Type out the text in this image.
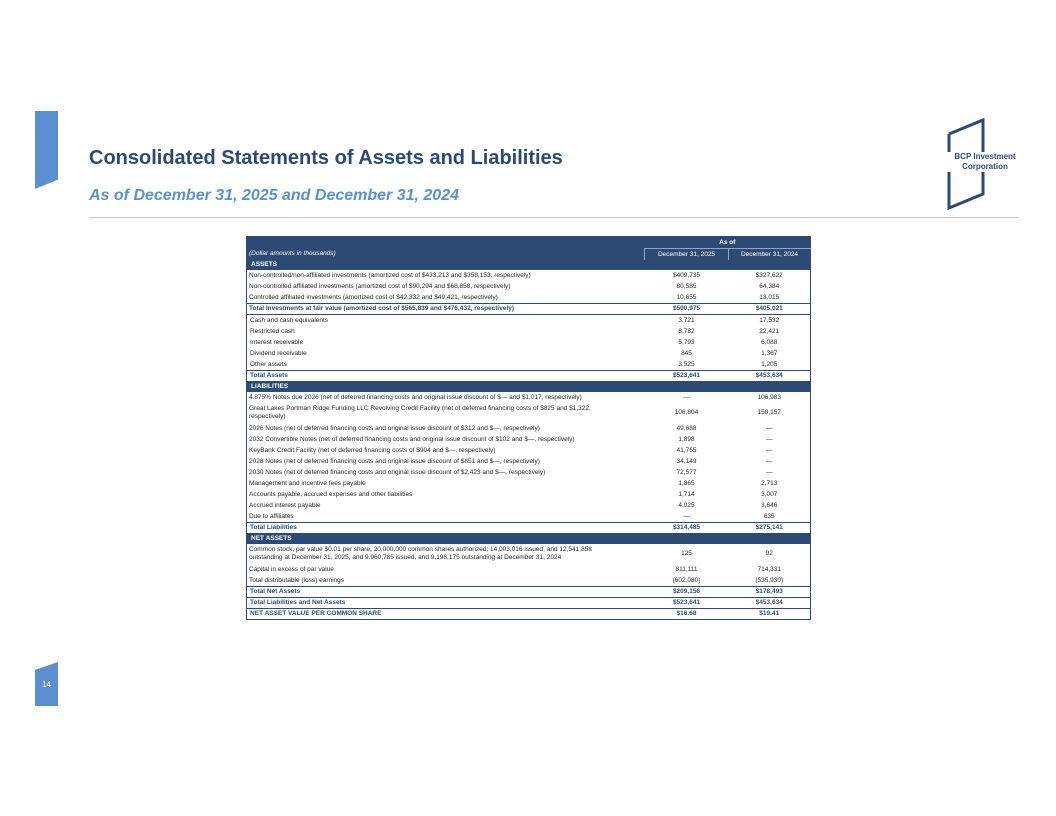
Consolidated Statements of Assets and Liabilities
As of December 31, 2025 and December 31, 2024
BCP Investment
Corporation
	As of	
(Dollar amounts in thousands)	December 31, 2025	December 31, 2024
ASSETS		
Non-controlled/non-affiliated investments (amortized cost of $433,213 and $358,153, respectively)	$409,735	$327,622
Non-controlled affiliated investments (amortized cost of $90,294 and $68,858, respectively)	80,585	64,384
Controlled affiliated investments (amortized cost of $42,332 and $49,421, respectively)	10,655	13,015
Total Investments at fair value (amortized cost of $565,839 and $476,432, respectively)	$500,975	$405,021
Cash and cash equivalents	3,721	17,532
Restricted cash	8,782	22,421
Interest receivable	5,793	6,088
Dividend receivable	845	1,367
Other assets	3,525	1,205
Total Assets	$523,641	$453,634
LIABILITIES		
4.875% Notes due 2026 (net of deferred financing costs and original issue discount of $— and $1,017, respectively)	—	106,983

Great Lakes Portman Ridge Funding LLC Revolving Credit Facility (net of deferred financing costs of $825 and $1,322,
respectively)	106,804	158,157
2026 Notes (net of deferred financing costs and original issue discount of $312 and $—, respectively)	49,688	—
2032 Convertible Notes (net of deferred financing costs and original issue discount of $102 and $—, respectively)	1,898	—
KeyBank Credit Facility (net of deferred financing costs of $904 and $—, respectively)	41,765	—
2028 Notes (net of deferred financing costs and original issue discount of $851 and $—, respectively)	34,149	—
2030 Notes (net of deferred financing costs and original issue discount of $2,423 and $—, respectively)	72,577	—
Management and incentive fees payable	1,865	2,713
Accounts payable, accrued expenses and other liabilities	1,714	3,007
Accrued interest payable	4,025	3,646
Due to affiliates	—	635
Total Liabilities	$314,485	$275,141
NET ASSETS		

Common stock, par value $0.01 per share, 20,000,000 common shares authorized; 14,003,016 issued, and 12,541,858
outstanding at December 31, 2025, and 9,960,785 issued, and 9,198,175 outstanding at December 31, 2024	125	92
Capital in excess of par value	811,111	714,331
Total distributable (loss) earnings	(602,080)	(535,930)
Total Net Assets	$209,156	$178,493
Total Liabilities and Net Assets	$523,641	$453,634
NET ASSET VALUE PER COMMON SHARE	$16.68	$19.41
14
